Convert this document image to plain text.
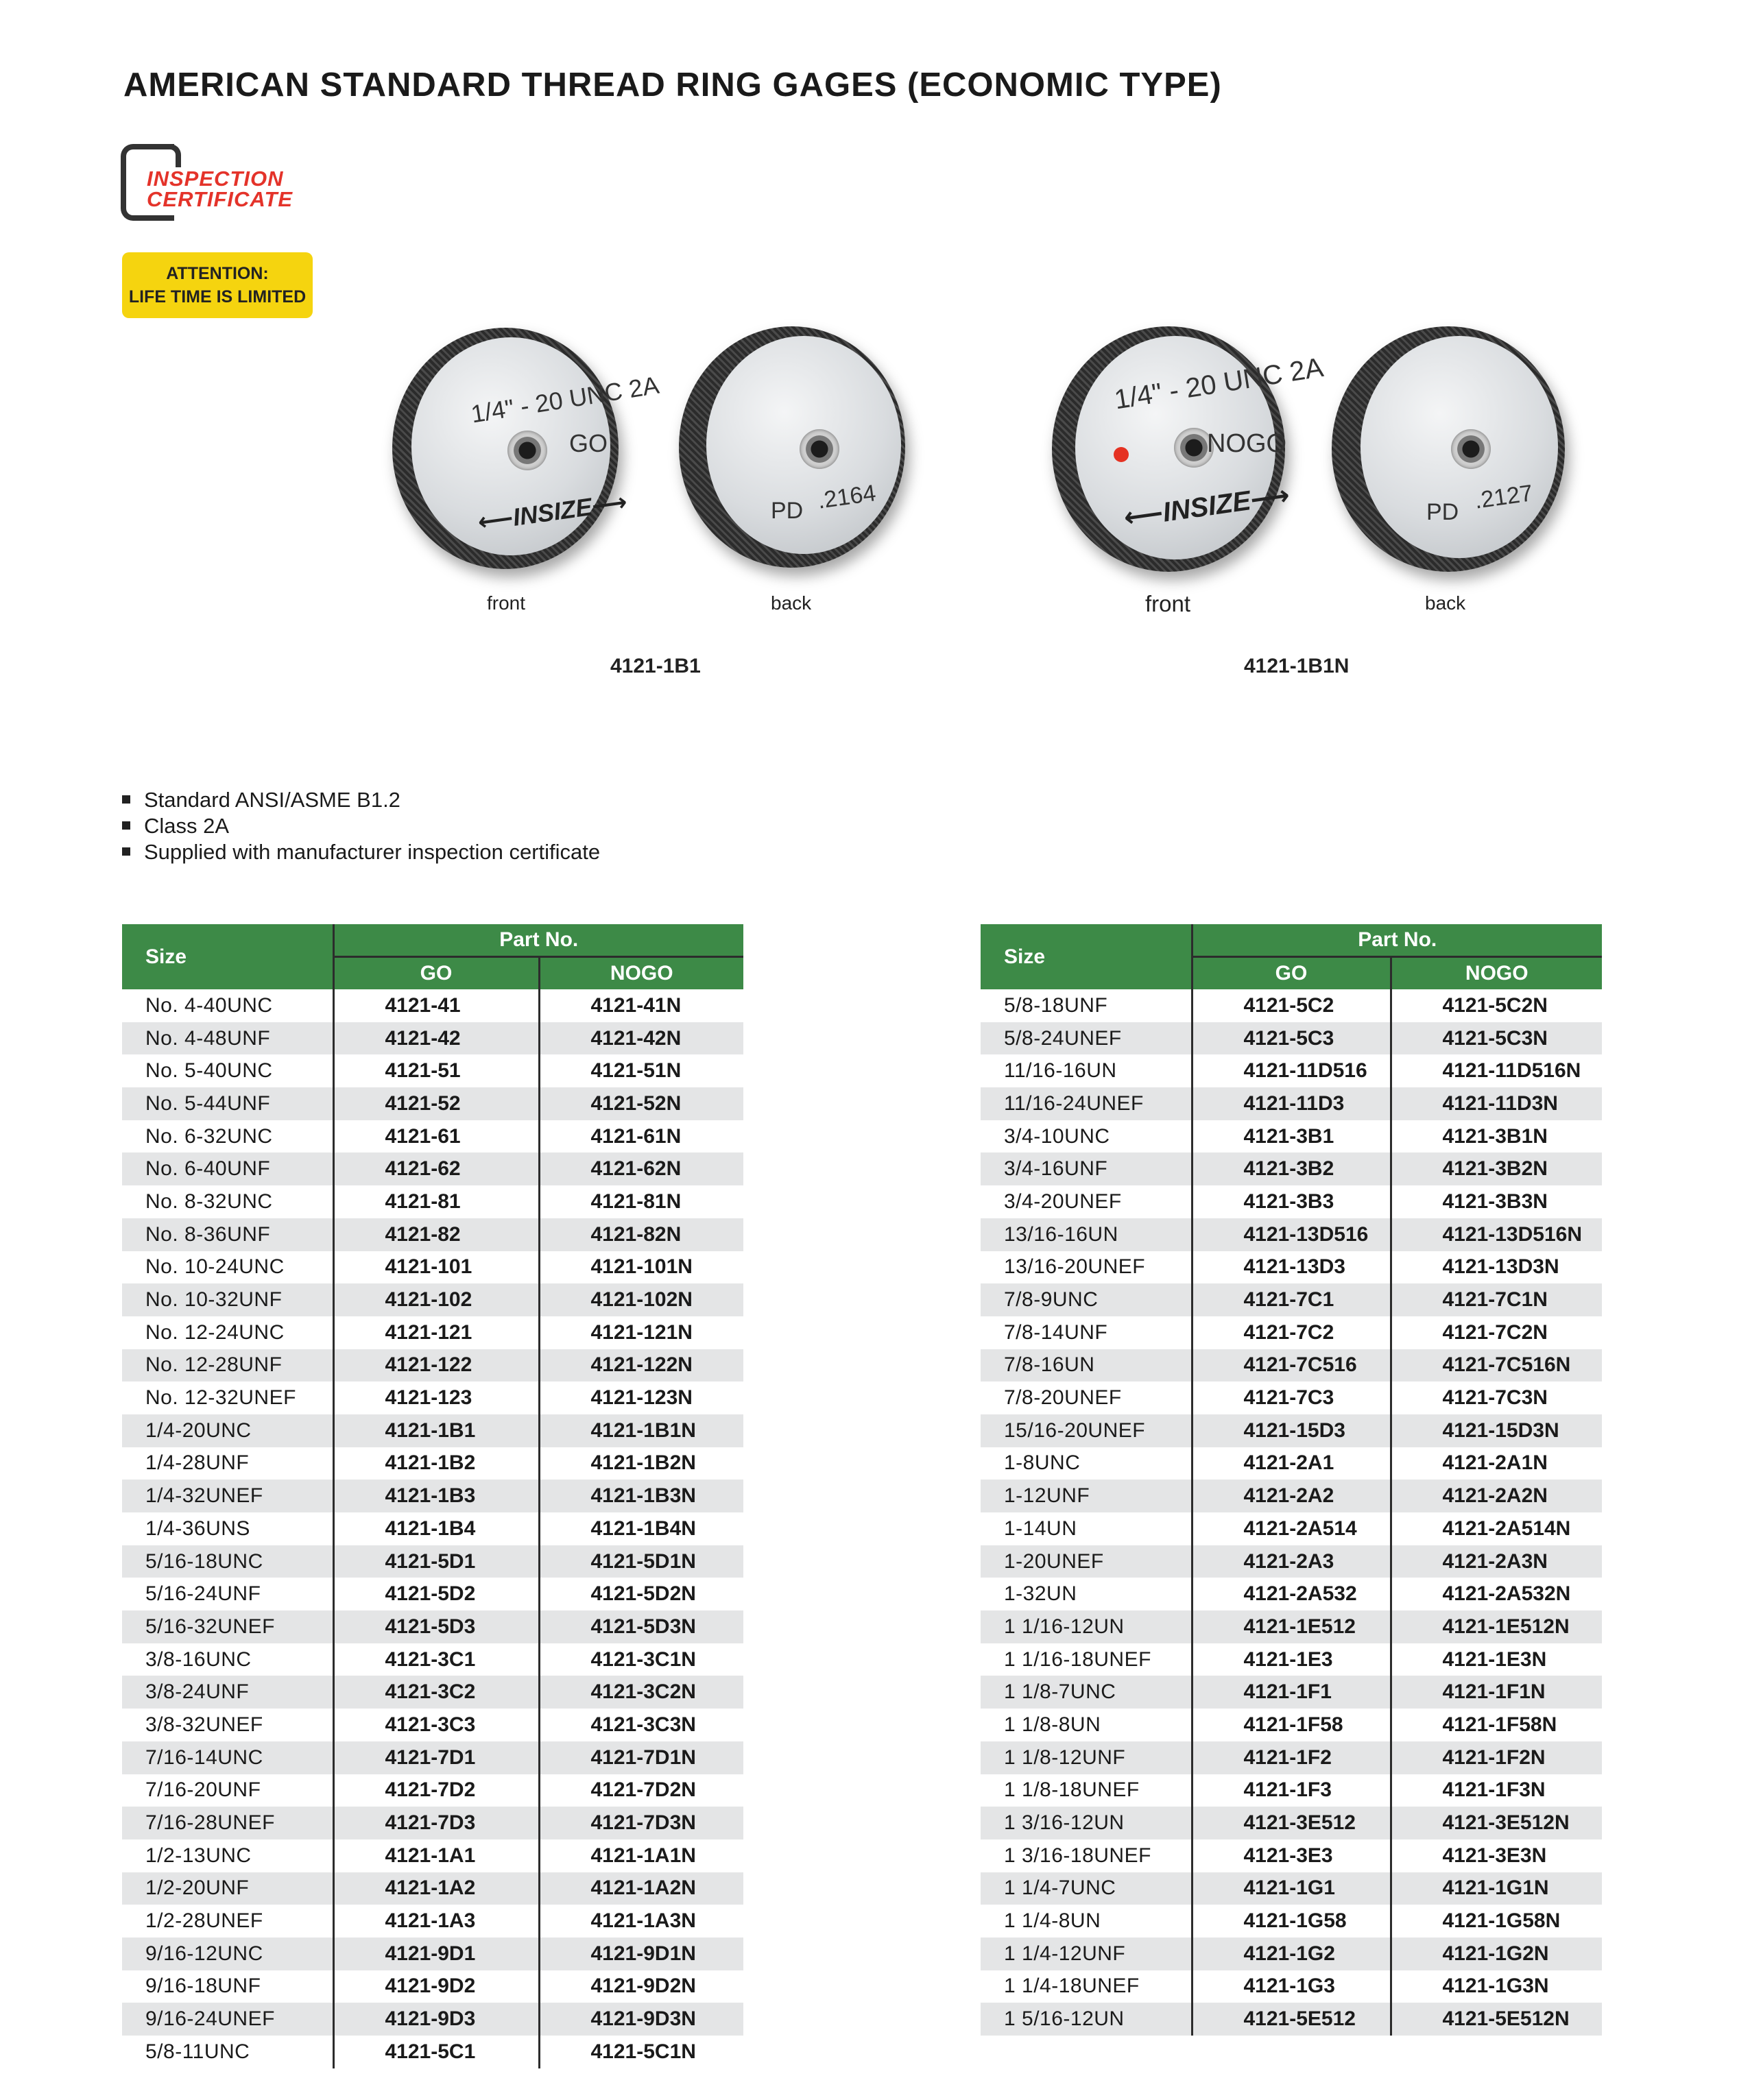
AMERICAN STANDARD THREAD RING GAGES (ECONOMIC TYPE)
INSPECTION
CERTIFICATE
ATTENTION:
LIFE TIME IS LIMITED
1/4" - 20 UNC 2A
GO
⟵INSIZE⟶	PD .2164
front	back
4121-1B1
1/4" - 20 UNC 2A
NOGO
⟵INSIZE⟶	PD .2127
front	back
4121-1B1N
Standard ANSI/ASME B1.2
Class 2A
Supplied with manufacturer inspection certificate
Size	Part No.	
	GO	NOGO
No. 4-40UNC	4121-41	4121-41N
No. 4-48UNF	4121-42	4121-42N
No. 5-40UNC	4121-51	4121-51N
No. 5-44UNF	4121-52	4121-52N
No. 6-32UNC	4121-61	4121-61N
No. 6-40UNF	4121-62	4121-62N
No. 8-32UNC	4121-81	4121-81N
No. 8-36UNF	4121-82	4121-82N
No. 10-24UNC	4121-101	4121-101N
No. 10-32UNF	4121-102	4121-102N
No. 12-24UNC	4121-121	4121-121N
No. 12-28UNF	4121-122	4121-122N
No. 12-32UNEF	4121-123	4121-123N
1/4-20UNC	4121-1B1	4121-1B1N
1/4-28UNF	4121-1B2	4121-1B2N
1/4-32UNEF	4121-1B3	4121-1B3N
1/4-36UNS	4121-1B4	4121-1B4N
5/16-18UNC	4121-5D1	4121-5D1N
5/16-24UNF	4121-5D2	4121-5D2N
5/16-32UNEF	4121-5D3	4121-5D3N
3/8-16UNC	4121-3C1	4121-3C1N
3/8-24UNF	4121-3C2	4121-3C2N
3/8-32UNEF	4121-3C3	4121-3C3N
7/16-14UNC	4121-7D1	4121-7D1N
7/16-20UNF	4121-7D2	4121-7D2N
7/16-28UNEF	4121-7D3	4121-7D3N
1/2-13UNC	4121-1A1	4121-1A1N
1/2-20UNF	4121-1A2	4121-1A2N
1/2-28UNEF	4121-1A3	4121-1A3N
9/16-12UNC	4121-9D1	4121-9D1N
9/16-18UNF	4121-9D2	4121-9D2N
9/16-24UNEF	4121-9D3	4121-9D3N
5/8-11UNC	4121-5C1	4121-5C1N
Size	Part No.	
	GO	NOGO
5/8-18UNF	4121-5C2	4121-5C2N
5/8-24UNEF	4121-5C3	4121-5C3N
11/16-16UN	4121-11D516	4121-11D516N
11/16-24UNEF	4121-11D3	4121-11D3N
3/4-10UNC	4121-3B1	4121-3B1N
3/4-16UNF	4121-3B2	4121-3B2N
3/4-20UNEF	4121-3B3	4121-3B3N
13/16-16UN	4121-13D516	4121-13D516N
13/16-20UNEF	4121-13D3	4121-13D3N
7/8-9UNC	4121-7C1	4121-7C1N
7/8-14UNF	4121-7C2	4121-7C2N
7/8-16UN	4121-7C516	4121-7C516N
7/8-20UNEF	4121-7C3	4121-7C3N
15/16-20UNEF	4121-15D3	4121-15D3N
1-8UNC	4121-2A1	4121-2A1N
1-12UNF	4121-2A2	4121-2A2N
1-14UN	4121-2A514	4121-2A514N
1-20UNEF	4121-2A3	4121-2A3N
1-32UN	4121-2A532	4121-2A532N
1 1/16-12UN	4121-1E512	4121-1E512N
1 1/16-18UNEF	4121-1E3	4121-1E3N
1 1/8-7UNC	4121-1F1	4121-1F1N
1 1/8-8UN	4121-1F58	4121-1F58N
1 1/8-12UNF	4121-1F2	4121-1F2N
1 1/8-18UNEF	4121-1F3	4121-1F3N
1 3/16-12UN	4121-3E512	4121-3E512N
1 3/16-18UNEF	4121-3E3	4121-3E3N
1 1/4-7UNC	4121-1G1	4121-1G1N
1 1/4-8UN	4121-1G58	4121-1G58N
1 1/4-12UNF	4121-1G2	4121-1G2N
1 1/4-18UNEF	4121-1G3	4121-1G3N
1 5/16-12UN	4121-5E512	4121-5E512N
